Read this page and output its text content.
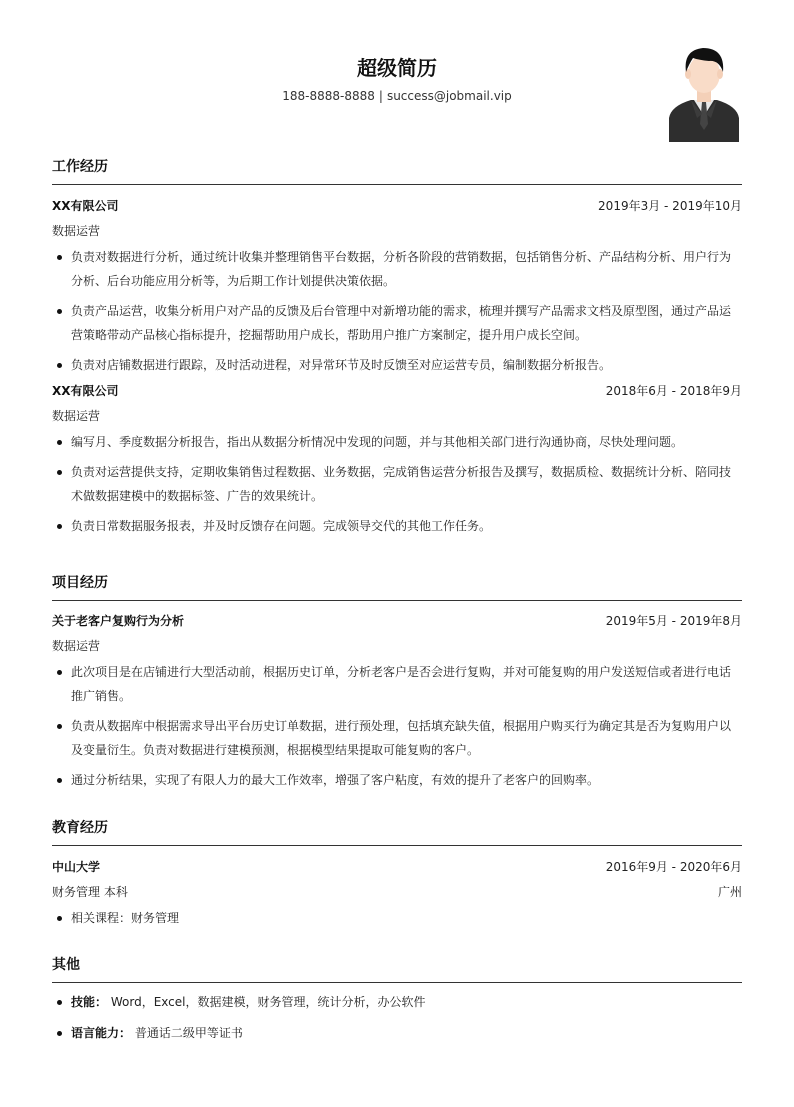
超级简历
188-8888-8888 | success@jobmail.vip
工作经历
XX有限公司	2019年3月 - 2019年10月
数据运营
负责对数据进行分析，通过统计收集并整理销售平台数据，分析各阶段的营销数据，包括销售分析、产品结构分析、用户行为
分析、后台功能应用分析等，为后期工作计划提供决策依据。
负责产品运营，收集分析用户对产品的反馈及后台管理中对新增功能的需求，梳理并撰写产品需求文档及原型图，通过产品运
营策略带动产品核心指标提升，挖掘帮助用户成长，帮助用户推广方案制定，提升用户成长空间。
负责对店铺数据进行跟踪，及时活动进程，对异常环节及时反馈至对应运营专员，编制数据分析报告。
XX有限公司	2018年6月 - 2018年9月
数据运营
编写月、季度数据分析报告，指出从数据分析情况中发现的问题，并与其他相关部门进行沟通协商，尽快处理问题。
负责对运营提供支持，定期收集销售过程数据、业务数据，完成销售运营分析报告及撰写，数据质检、数据统计分析、陪同技
术做数据建模中的数据标签、广告的效果统计。
负责日常数据服务报表，并及时反馈存在问题。完成领导交代的其他工作任务。
项目经历
关于老客户复购行为分析	2019年5月 - 2019年8月
数据运营
此次项目是在店铺进行大型活动前，根据历史订单，分析老客户是否会进行复购，并对可能复购的用户发送短信或者进行电话
推广销售。
负责从数据库中根据需求导出平台历史订单数据，进行预处理，包括填充缺失值，根据用户购买行为确定其是否为复购用户以
及变量衍生。负责对数据进行建模预测，根据模型结果提取可能复购的客户。
通过分析结果，实现了有限人力的最大工作效率，增强了客户粘度，有效的提升了老客户的回购率。
教育经历
中山大学	2016年9月 - 2020年6月
财务管理 本科	广州
相关课程：财务管理
其他
技能： Word，Excel，数据建模，财务管理，统计分析，办公软件
语言能力： 普通话二级甲等证书
